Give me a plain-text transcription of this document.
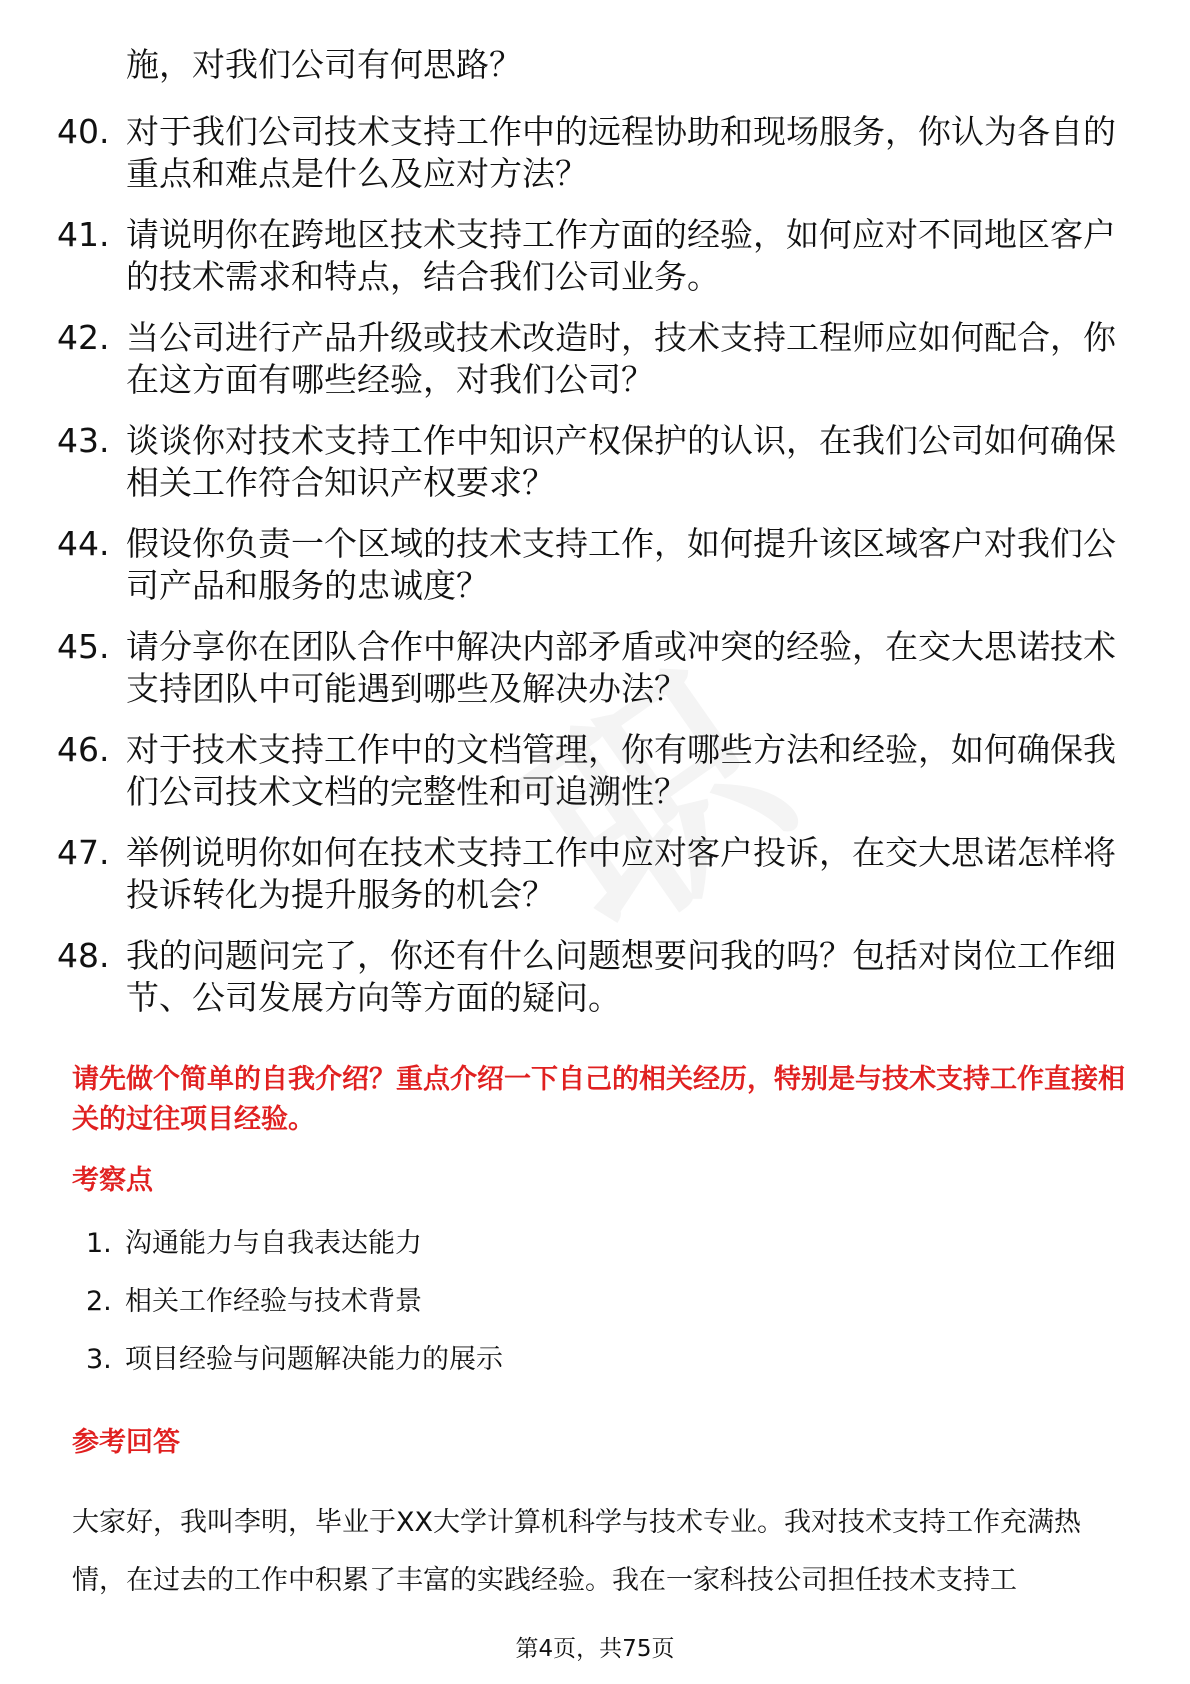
施，对我们公司有何思路？
40. 对于我们公司技术支持工作中的远程协助和现场服务，你认为各自的重点和难点是什么及应对方法？
41. 请说明你在跨地区技术支持工作方面的经验，如何应对不同地区客户的技术需求和特点，结合我们公司业务。
42. 当公司进行产品升级或技术改造时，技术支持工程师应如何配合，你在这方面有哪些经验，对我们公司？
43. 谈谈你对技术支持工作中知识产权保护的认识，在我们公司如何确保相关工作符合知识产权要求？
44. 假设你负责一个区域的技术支持工作，如何提升该区域客户对我们公司产品和服务的忠诚度？
45. 请分享你在团队合作中解决内部矛盾或冲突的经验，在交大思诺技术支持团队中可能遇到哪些及解决办法？
46. 对于技术支持工作中的文档管理，你有哪些方法和经验，如何确保我们公司技术文档的完整性和可追溯性？
47. 举例说明你如何在技术支持工作中应对客户投诉，在交大思诺怎样将投诉转化为提升服务的机会？
48. 我的问题问完了，你还有什么问题想要问我的吗？包括对岗位工作细节、公司发展方向等方面的疑问。
请先做个简单的自我介绍？重点介绍一下自己的相关经历，特别是与技术支持工作直接相关的过往项目经验。
考察点
1. 沟通能力与自我表达能力
2. 相关工作经验与技术背景
3. 项目经验与问题解决能力的展示
参考回答
大家好，我叫李明，毕业于XX大学计算机科学与技术专业。我对技术支持工作充满热情，在过去的工作中积累了丰富的实践经验。我在一家科技公司担任技术支持工
第4页，共75页
